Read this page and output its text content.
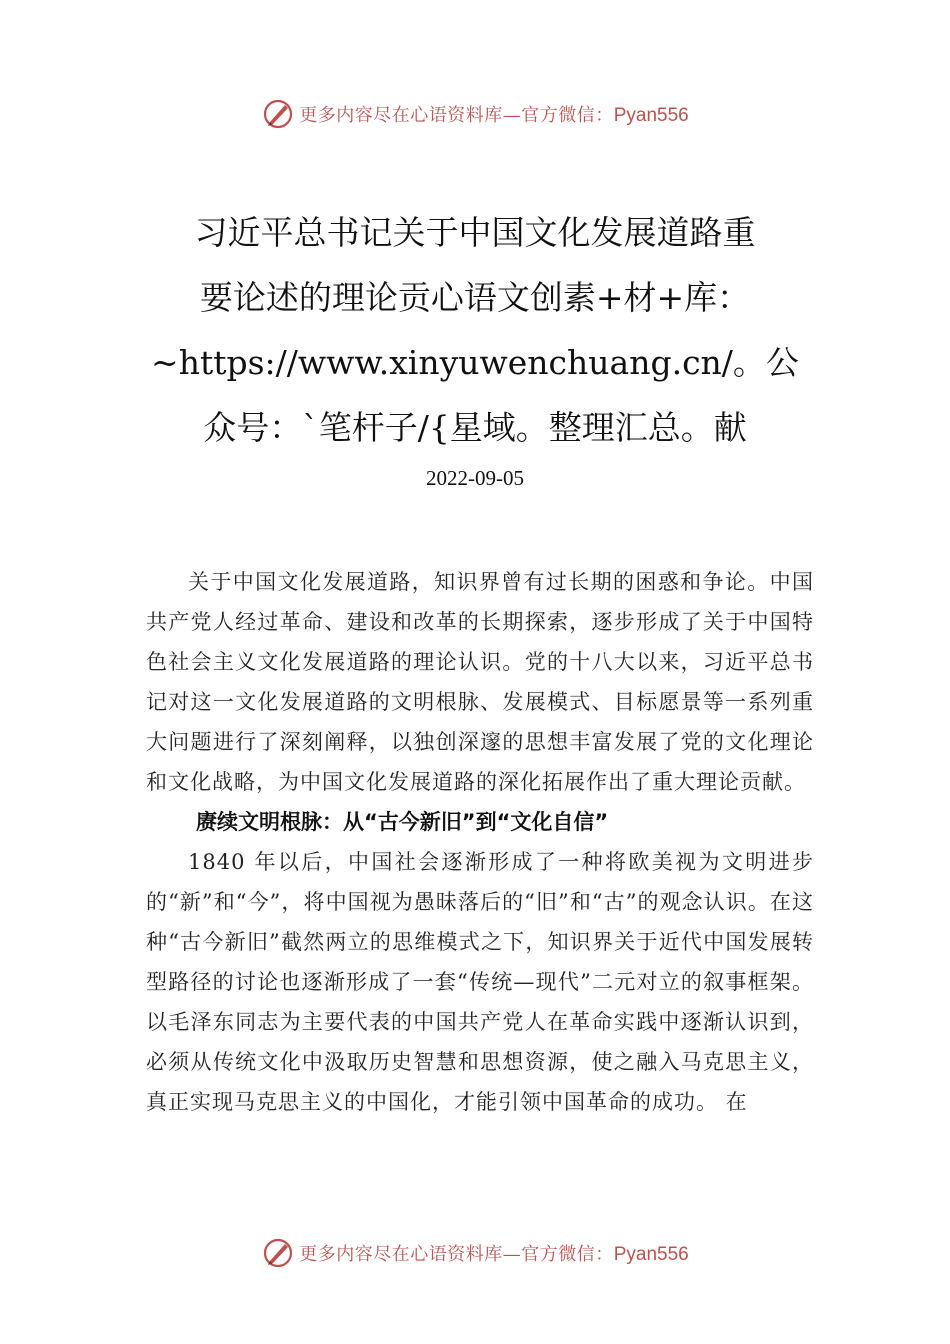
更多内容尽在心语资料库—官方微信：Pyan556
习近平总书记关于中国文化发展道路重
要论述的理论贡心语文创素+材+库：
~https://www.xinyuwenchuang.cn/。公
众号：`笔杆子/{星域。整理汇总。献
2022-09-05

关于中国文化发展道路，知识界曾有过长期的困惑和争论。中国共产党人经过革命、建设和改革的长期探索，逐步形成了关于中国特色社会主义文化发展道路的理论认识。党的十八大以来，习近平总书记对这一文化发展道路的文明根脉、发展模式、目标愿景等一系列重大问题进行了深刻阐释，以独创深邃的思想丰富发展了党的文化理论和文化战略，为中国文化发展道路的深化拓展作出了重大理论贡献。

赓续文明根脉：从“古今新旧”到“文化自信”

1840 年以后，中国社会逐渐形成了一种将欧美视为文明进步的“新”和“今”，将中国视为愚昧落后的“旧”和“古”的观念认识。在这种“古今新旧”截然两立的思维模式之下，知识界关于近代中国发展转型路径的讨论也逐渐形成了一套“传统—现代”二元对立的叙事框架。以毛泽东同志为主要代表的中国共产党人在革命实践中逐渐认识到，必须从传统文化中汲取历史智慧和思想资源，使之融入马克思主义， 真正实现马克思主义的中国化，才能引领中国革命的成功。 在

更多内容尽在心语资料库—官方微信：Pyan556
